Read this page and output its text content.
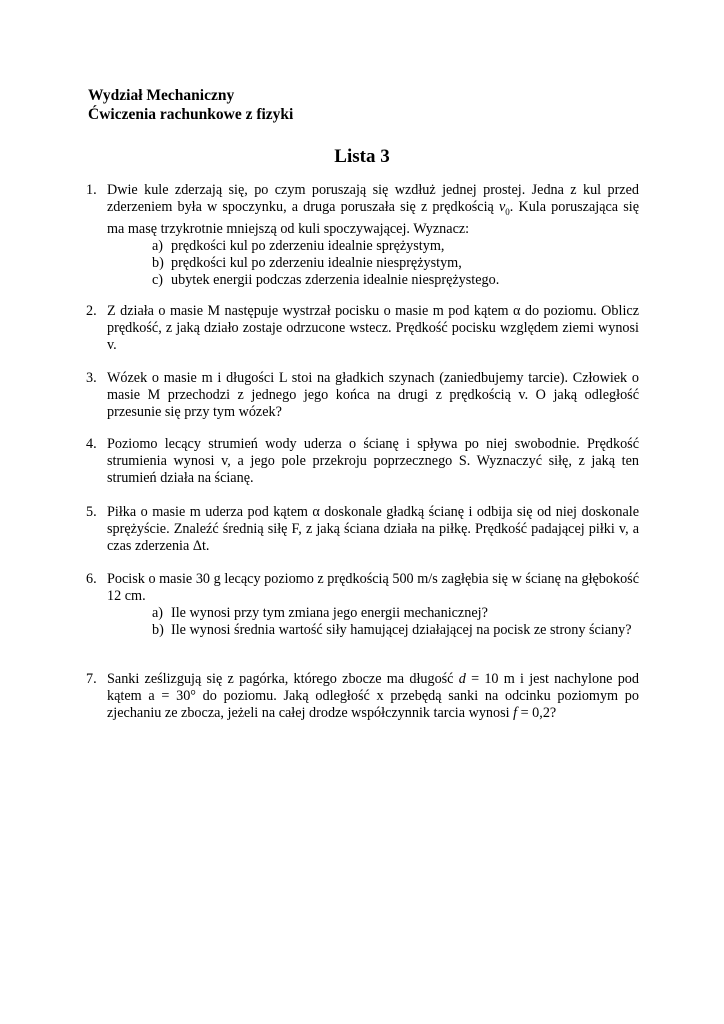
Wydział Mechaniczny
Ćwiczenia rachunkowe z fizyki
Lista 3
1. Dwie kule zderzają się, po czym poruszają się wzdłuż jednej prostej. Jedna z kul przed zderzeniem była w spoczynku, a druga poruszała się z prędkością $v_0$. Kula poruszająca się ma masę trzykrotnie mniejszą od kuli spoczywającej. Wyznacz:

a) prędkości kul po zderzeniu idealnie sprężystym,
b) prędkości kul po zderzeniu idealnie niesprężystym,
c) ubytek energii podczas zderzenia idealnie niesprężystego.
2. Z działa o masie M następuje wystrzał pocisku o masie m pod kątem α do poziomu. Oblicz prędkość, z jaką działo zostaje odrzucone wstecz. Prędkość pocisku względem ziemi wynosi v.
3. Wózek o masie m i długości L stoi na gładkich szynach (zaniedbujemy tarcie). Człowiek o masie M przechodzi z jednego jego końca na drugi z prędkością v. O jaką odległość przesunie się przy tym wózek?
4. Poziomo lecący strumień wody uderza o ścianę i spływa po niej swobodnie. Prędkość strumienia wynosi v, a jego pole przekroju poprzecznego S. Wyznaczyć siłę, z jaką ten strumień działa na ścianę.
5. Piłka o masie m uderza pod kątem α doskonale gładką ścianę i odbija się od niej doskonale sprężyście. Znaleźć średnią siłę F, z jaką ściana działa na piłkę. Prędkość padającej piłki v, a czas zderzenia Δt.
6. Pocisk o masie 30 g lecący poziomo z prędkością 500 m/s zagłębia się w ścianę na głębokość 12 cm.

a) Ile wynosi przy tym zmiana jego energii mechanicznej?
b) Ile wynosi średnia wartość siły hamującej działającej na pocisk ze strony ściany?
7. Sanki ześlizgują się z pagórka, którego zbocze ma długość d = 10 m i jest nachylone pod kątem a = 30° do poziomu. Jaką odległość x przebędą sanki na odcinku poziomym po zjechaniu ze zbocza, jeżeli na całej drodze współczynnik tarcia wynosi f = 0,2?
